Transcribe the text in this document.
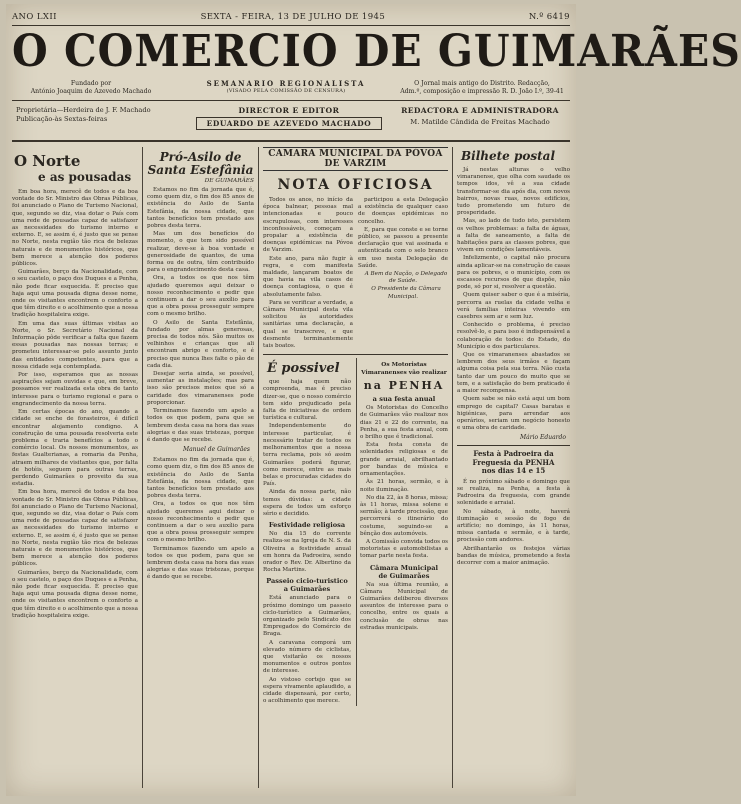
ANO LXII	SEXTA - FEIRA, 13 DE JULHO DE 1945	N.º 6419
O COMERCIO DE GUIMARÃES
Fundado por
António Joaquim de Azevedo Machado
SEMANARIO REGIONALISTA
(VISADO PELA COMISSÃO DE CENSURA)
O Jornal mais antigo do Distrito. Redacção,
Adm.º, composição e impressão R. D. João I.º, 39-41
Proprietária—Herdeira de J. F. Machado
Publicação-às Sextas-feiras
DIRECTOR E EDITOR
EDUARDO DE AZEVEDO MACHADO
REDACTORA E ADMINISTRADORA
M. Matilde Cândida de Freitas Machado
O Norte
e as pousadas

Em boa hora, merecê de todos e da boa vontade do Sr. Ministro das Obras Públicas, foi anunciado o Plano de Turismo Nacional, que, segundo se diz, visa dotar o País com uma rede de pousadas capaz de satisfazer as necessidades do turismo interno e externo. E, se assim é, é justo que se pense no Norte, nesta região tão rica de belezas naturais e de monumentos históricos, que bem merece a atenção dos poderes públicos.

Guimarães, berço da Nacionalidade, com o seu castelo, o paço dos Duques e a Penha, não pode ficar esquecida. É preciso que haja aqui uma pousada digna desse nome, onde os visitantes encontrem o conforto a que têm direito e o acolhimento que a nossa tradição hospitaleira exige.

Em uma das suas últimas visitas ao Norte, o Sr. Secretário Nacional da Informação pôde verificar a falta que fazem essas pousadas nas nossas terras; e prometeu interessar-se pelo assunto junto das entidades competentes, para que a nossa cidade seja contemplada.

Por isso, esperamos que as nossas aspirações sejam ouvidas e que, em breve, possamos ver realizada esta obra de tanto interesse para o turismo regional e para o engrandecimento da nossa terra.

Em certas épocas do ano, quando a cidade se enche de forasteiros, é difícil encontrar alojamento condigno. A construção de uma pousada resolveria este problema e traria benefícios a todo o comércio local. Os nossos monumentos, as festas Gualterianas, a romaria da Penha, atraem milhares de visitantes que, por falta de hotéis, seguem para outras terras, perdendo Guimarães o proveito da sua estadia.

Em boa hora, merecê de todos e da boa vontade do Sr. Ministro das Obras Públicas, foi anunciado o Plano de Turismo Nacional, que, segundo se diz, visa dotar o País com uma rede de pousadas capaz de satisfazer as necessidades do turismo interno e externo. E, se assim é, é justo que se pense no Norte, nesta região tão rica de belezas naturais e de monumentos históricos, que bem merece a atenção dos poderes públicos.

Guimarães, berço da Nacionalidade, com o seu castelo, o paço dos Duques e a Penha, não pode ficar esquecida. É preciso que haja aqui uma pousada digna desse nome, onde os visitantes encontrem o conforto a que têm direito e o acolhimento que a nossa tradição hospitaleira exige.

Pró-Asilo de
Santa Estefânia
DE GUIMARÃES

Estamos no fim da jornada que é, como quem diz, o fim dos 85 anos de existência do Asilo de Santa Estefânia, da nossa cidade, que tantos benefícios tem prestado aos pobres desta terra.

Mas um dos benefícios do momento, o que tem sido possível realizar, deve-se à boa vontade e generosidade de quantos, de uma forma ou de outra, têm contribuído para o engrandecimento desta casa.

Ora, a todos os que nos têm ajudado queremos aqui deixar o nosso reconhecimento e pedir que continuem a dar o seu auxílio para que a obra possa prosseguir sempre com o mesmo brilho.

O Asilo de Santa Estefânia, fundado por almas generosas, precisa de todos nós. São muitos os velhinhos e crianças que ali encontram abrigo e conforto, e é preciso que nunca lhes falte o pão de cada dia.

Desejar seria ainda, se possível, aumentar as instalações; mas para isso são precisos meios que só a caridade dos vimaranenses pode proporcionar.

Terminamos fazendo um apelo a todos os que podem, para que se lembrem desta casa na hora das suas alegrias e das suas tristezas, porque é dando que se recebe.

Manuel de Guimarães

Estamos no fim da jornada que é, como quem diz, o fim dos 85 anos de existência do Asilo de Santa Estefânia, da nossa cidade, que tantos benefícios tem prestado aos pobres desta terra.

Ora, a todos os que nos têm ajudado queremos aqui deixar o nosso reconhecimento e pedir que continuem a dar o seu auxílio para que a obra possa prosseguir sempre com o mesmo brilho.

Terminamos fazendo um apelo a todos os que podem, para que se lembrem desta casa na hora das suas alegrias e das suas tristezas, porque é dando que se recebe.

CAMARA MUNICIPAL DA PÓVOA DE VARZIM
NOTA OFICIOSA

Todos os anos, no início da época balnear, pessoas mal intencionadas e pouco escrupulosas, com interesses inconfessáveis, começam a propalar a existência de doenças epidémicas na Póvoa de Varzim.

Este ano, para não fugir à regra, e com manifesta maldade, lançaram boatos de que havia na vila casos de doença contagiosa, o que é absolutamente falso.

Para se verificar a verdade, a Câmara Municipal desta vila solicitou às autoridades sanitárias uma declaração, a qual se transcreve, e que desmente terminantemente tais boatos.

participou a esta Delegação a existência de qualquer caso de doenças epidémicas no concelho.

E, para que conste e se torne público, se passou a presente declaração que vai assinada e autenticada com o selo branco em uso nesta Delegação de Saúde.

A Bem da Nação, o Delegado de Saúde.

O Presidente da Câmara Municipal.

É possivel

que haja quem não compreenda, mas é preciso dizer-se, que o nosso comércio tem sido prejudicado pela falta de iniciativas de ordem turística e cultural.

Independentemente do interesse particular, é necessário tratar de todos os melhoramentos que a nossa terra reclama, pois só assim Guimarães poderá figurar, como merece, entre as mais belas e procuradas cidades do País.

Ainda da nossa parte, não temos dúvidas: a cidade espera de todos um esforço sério e decidido.

Festividade religiosa

No dia 15 do corrente realiza-se na Igreja de N. S. da Oliveira a festividade anual em honra da Padroeira, sendo orador o Rev. Dr. Albertino da Rocha Martins.

Passeio cicio-turistico
a Guimarães

Está anunciado para o próximo domingo um passeio ciclo-turístico a Guimarães, organizado pelo Sindicato dos Empregados do Comércio de Braga.

A caravana comporá um elevado número de ciclistas, que visitarão os nossos monumentos e outros pontos de interesse.

Ao vistoso cortejo que se espera vivamente aplaudido, a cidade dispensará, por certo, o acolhimento que merece.

Os Motoristas Vimaranenses vão realizar
na PENHA
a sua festa anual

Os Motoristas do Concelho de Guimarães vão realizar nos dias 21 e 22 do corrente, na Penha, a sua festa anual, com o brilho que é tradicional.

Esta festa consta de solenidades religiosas e de grande arraial, abrilhantado por bandas de música e ornamentações.

Às 21 horas, sermão, e à noite iluminação.

No dia 22, às 8 horas, missa; às 11 horas, missa solene e sermão; à tarde procissão, que percorrerá o itinerário do costume, seguindo-se a bênção dos automóveis.

A Comissão convida todos os motoristas e automobilistas a tomar parte nesta festa.

Câmara Municipal
de Guimarães

Na sua última reunião, a Câmara Municipal de Guimarães deliberou diversos assuntos de interesse para o concelho, entre os quais a conclusão de obras nas estradas municipais.

Bilhete postal

Já nestas alturas o velho vimaranense, que olha com saudade os tempos idos, vê a sua cidade transformar-se dia após dia, com novos bairros, novas ruas, novos edifícios, tudo prometendo um futuro de prosperidade.

Mas, ao lado de tudo isto, persistem os velhos problemas: a falta de águas, a falta de saneamento, a falta de habitações para as classes pobres, que vivem em condições lamentáveis.

Infelizmente, o capital não procura ainda aplicar-se na construção de casas para os pobres, e o município, com os escassos recursos de que dispõe, não pode, só por si, resolver a questão.

Quem quiser saber o que é a miséria, percorra as ruelas da cidade velha e verá famílias inteiras vivendo em casebres sem ar e sem luz.

Conhecido o problema, é preciso resolvê-lo, e para isso é indispensável a colaboração de todos: do Estado, do Município e dos particulares.

Que os vimaranenses abastados se lembrem dos seus irmãos e façam alguma coisa pela sua terra. Não custa tanto dar um pouco do muito que se tem, e a satisfação do bem praticado é a maior recompensa.

Quem sabe se não está aqui um bom emprego de capital? Casas baratas e higiénicas, para arrendar aos operários, seriam um negócio honesto e uma obra de caridade.

Mário Eduardo
Festa à Padroeira da
Freguesia da PENHA
nos dias 14 e 15

É no próximo sábado e domingo que se realiza, na Penha, a festa à Padroeira da freguesia, com grande solenidade e arraial.

No sábado, à noite, haverá iluminação e sessão de fogo de artifício; no domingo, às 11 horas, missa cantada e sermão, e à tarde, procissão com andores.

Abrilhantarão os festejos várias bandas de música, prometendo a festa decorrer com a maior animação.
